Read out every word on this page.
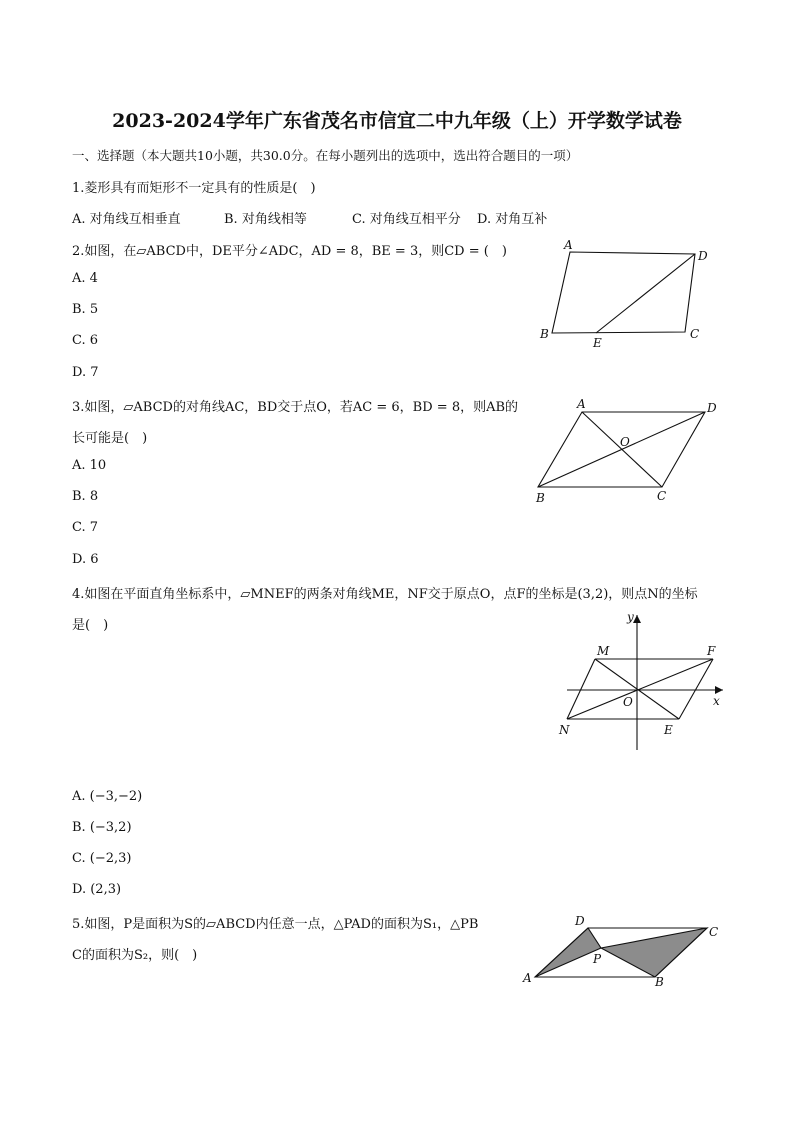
2023-2024学年广东省茂名市信宜二中九年级（上）开学数学试卷
一、选择题（本大题共10小题，共30.0分。在每小题列出的选项中，选出符合题目的一项）
1.菱形具有而矩形不一定具有的性质是(　)
A. 对角线互相垂直	B. 对角线相等	C. 对角线互相平分 D. 对角互补
2.如图，在▱ABCD中，DE平分∠ADC，AD = 8，BE = 3，则CD = (　)
A. 4
B. 5
C. 6
D. 7
A
D
B	C
E
3.如图，▱ABCD的对角线AC，BD交于点O，若AC = 6，BD = 8，则AB的
长可能是(　)
A. 10
B. 8
C. 7
D. 6
A	D
B	C
O
4.如图在平面直角坐标系中，▱MNEF的两条对角线ME，NF交于原点O，点F的坐标是(3,2)，则点N的坐标
是(　)
y
x
M	F
O
N	E
A. (−3,−2)
B. (−3,2)
C. (−2,3)
D. (2,3)
5.如图，P是面积为S的▱ABCD内任意一点，△PAD的面积为S₁，△PB
C的面积为S₂，则(　)
D
C
A	B
P
